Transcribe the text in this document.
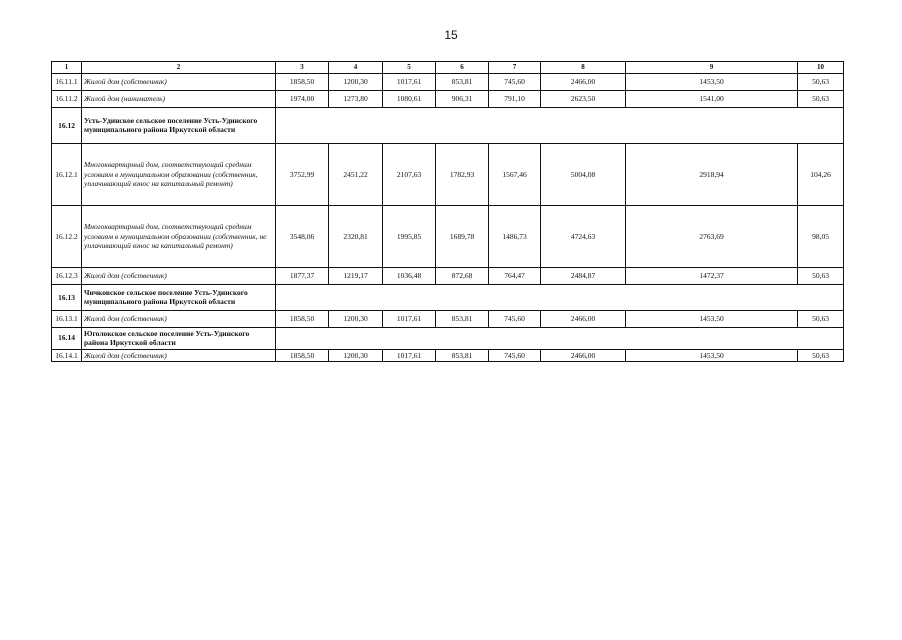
15
1	2	3	4	5	6	7	8	9	10
16.11.1	Жилой дом (собственник)	1858,50	1200,30	1017,61	853,81	745,60	2466,00	1453,50	50,63
16.11.2	Жилой дом (наниматель)	1974,00	1273,80	1080,61	906,31	791,10	2623,50	1541,00	50,63
16.12	Усть-Удинское сельское поселение Усть-Удинского муниципального района Иркутской области								
16.12.1	Многоквартирный дом, соответствующий средним условиям в муниципальном образовании (собственник, уплачивающий взнос на капитальный ремонт)	3752,99	2451,22	2107,63	1782,93	1567,46	5004,08	2918,94	104,26
16.12.2	Многоквартирный дом, соответствующий средним условиям в муниципальном образовании (собственник, не уплачивающий взнос на капитальный ремонт)	3548,06	2320,81	1995,85	1689,78	1486,73	4724,63	2763,69	98,05
16.12.3	Жилой дом (собственник)	1877,37	1219,17	1036,48	872,68	764,47	2484,87	1472,37	50,63
16.13	Чичковское сельское поселение Усть-Удинского муниципального района Иркутской области								
16.13.1	Жилой дом (собственник)	1858,50	1200,30	1017,61	853,81	745,60	2466,00	1453,50	50,63
16.14	Юголокское сельское поселение Усть-Удинского района Иркутской области								
16.14.1	Жилой дом (собственник)	1858,50	1200,30	1017,61	853,81	745,60	2466,00	1453,50	50,63
